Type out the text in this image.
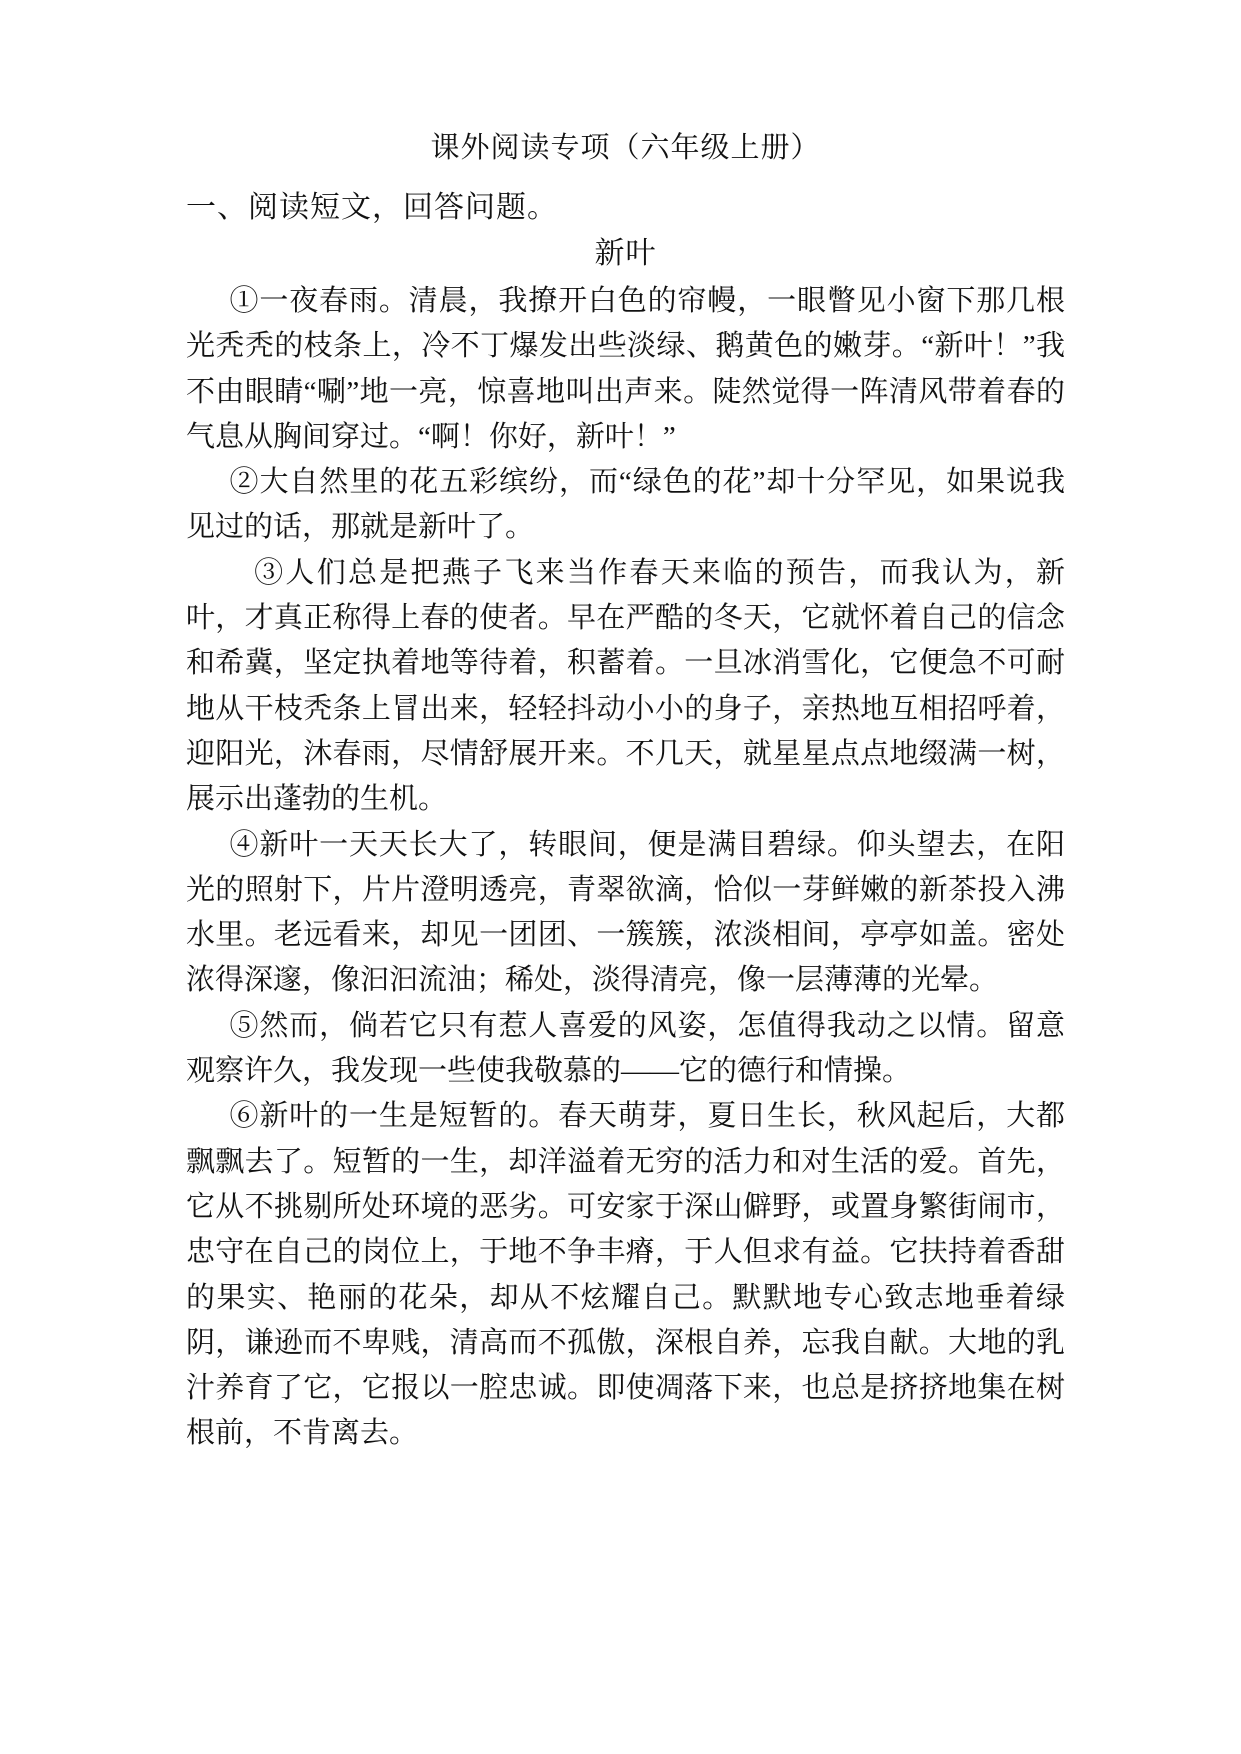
课外阅读专项（六年级上册）
一、阅读短文，回答问题。
新叶

①一夜春雨。清晨，我撩开白色的帘幔，一眼瞥见小窗下那几根光秃秃的枝条上，冷不丁爆发出些淡绿、鹅黄色的嫩芽。“新叶！”我不由眼睛“唰”地一亮，惊喜地叫出声来。陡然觉得一阵清风带着春的气息从胸间穿过。“啊！你好，新叶！”

②大自然里的花五彩缤纷，而“绿色的花”却十分罕见，如果说我见过的话，那就是新叶了。

③人们总是把燕子飞来当作春天来临的预告，而我认为，新叶，才真正称得上春的使者。早在严酷的冬天，它就怀着自己的信念和希冀，坚定执着地等待着，积蓄着。一旦冰消雪化，它便急不可耐地从干枝秃条上冒出来，轻轻抖动小小的身子，亲热地互相招呼着，迎阳光，沐春雨，尽情舒展开来。不几天，就星星点点地缀满一树，展示出蓬勃的生机。

④新叶一天天长大了，转眼间，便是满目碧绿。仰头望去，在阳光的照射下，片片澄明透亮，青翠欲滴，恰似一芽鲜嫩的新茶投入沸水里。老远看来，却见一团团、一簇簇，浓淡相间，亭亭如盖。密处浓得深邃，像汩汩流油；稀处，淡得清亮，像一层薄薄的光晕。

⑤然而，倘若它只有惹人喜爱的风姿，怎值得我动之以情。留意观察许久，我发现一些使我敬慕的——它的德行和情操。

⑥新叶的一生是短暂的。春天萌芽，夏日生长，秋风起后，大都飘飘去了。短暂的一生，却洋溢着无穷的活力和对生活的爱。首先，它从不挑剔所处环境的恶劣。可安家于深山僻野，或置身繁街闹市，忠守在自己的岗位上，于地不争丰瘠，于人但求有益。它扶持着香甜的果实、艳丽的花朵，却从不炫耀自己。默默地专心致志地垂着绿阴，谦逊而不卑贱，清高而不孤傲，深根自养，忘我自献。大地的乳汁养育了它，它报以一腔忠诚。即使凋落下来，也总是挤挤地集在树根前，不肯离去。
